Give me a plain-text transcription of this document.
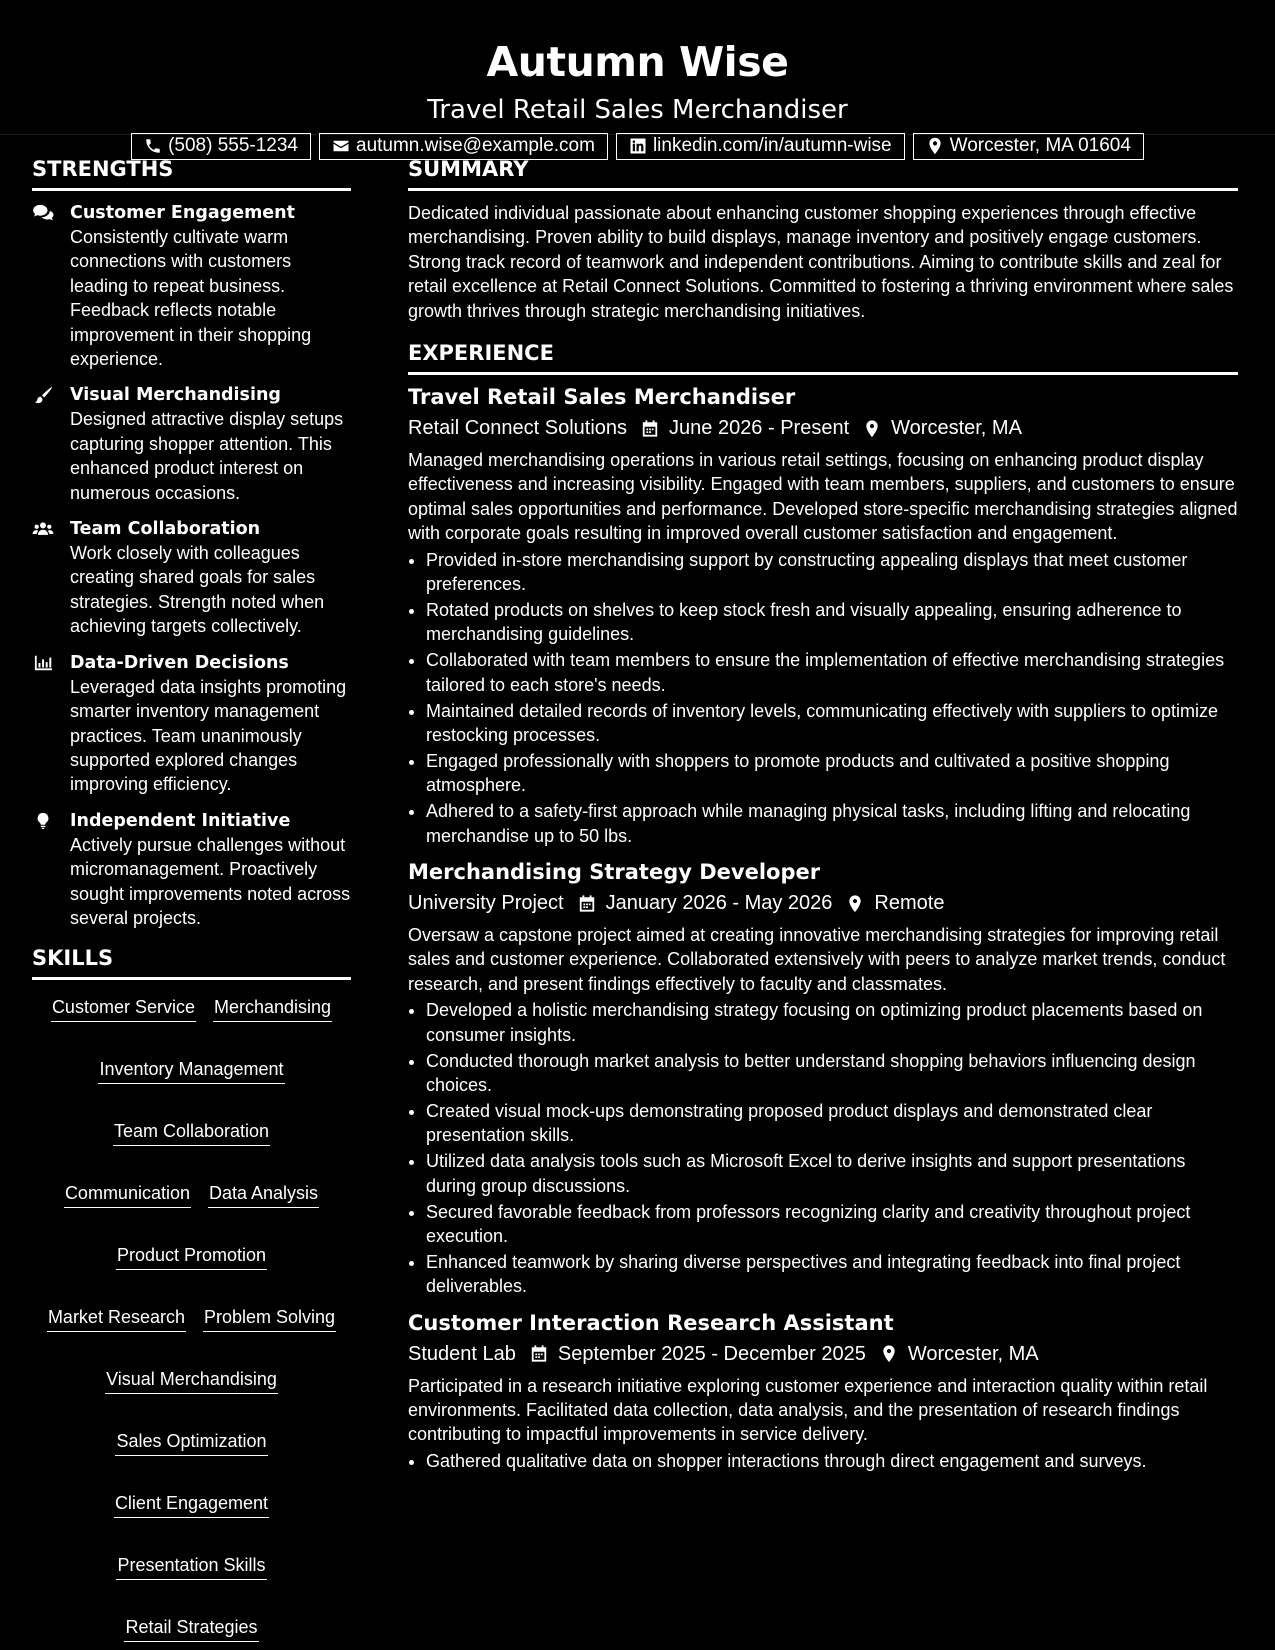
Autumn Wise
Travel Retail Sales Merchandiser
(508) 555-1234	autumn.wise@example.com	linkedin.com/in/autumn-wise	Worcester, MA 01604
STRENGTHS
Customer Engagement
Consistently cultivate warm connections with customers leading to repeat business. Feedback reflects notable improvement in their shopping experience.
Visual Merchandising
Designed attractive display setups capturing shopper attention. This enhanced product interest on numerous occasions.
Team Collaboration
Work closely with colleagues creating shared goals for sales strategies. Strength noted when achieving targets collectively.
Data-Driven Decisions
Leveraged data insights promoting smarter inventory management practices. Team unanimously supported explored changes improving efficiency.
Independent Initiative
Actively pursue challenges without micromanagement. Proactively sought improvements noted across several projects.
SKILLS
Customer Service Merchandising
Inventory Management
Team Collaboration
Communication Data Analysis
Product Promotion
Market Research Problem Solving
Visual Merchandising
Sales Optimization
Client Engagement
Presentation Skills
Retail Strategies
SUMMARY

Dedicated individual passionate about enhancing customer shopping experiences through effective merchandising. Proven ability to build displays, manage inventory and positively engage customers. Strong track record of teamwork and independent contributions. Aiming to contribute skills and zeal for retail excellence at Retail Connect Solutions. Committed to fostering a thriving environment where sales growth thrives through strategic merchandising initiatives.

EXPERIENCE
Travel Retail Sales Merchandiser
Retail Connect Solutions June 2026 - Present Worcester, MA

Managed merchandising operations in various retail settings, focusing on enhancing product display effectiveness and increasing visibility. Engaged with team members, suppliers, and customers to ensure optimal sales opportunities and performance. Developed store-specific merchandising strategies aligned with corporate goals resulting in improved overall customer satisfaction and engagement.

• Provided in-store merchandising support by constructing appealing displays that meet customer preferences.
• Rotated products on shelves to keep stock fresh and visually appealing, ensuring adherence to merchandising guidelines.
• Collaborated with team members to ensure the implementation of effective merchandising strategies tailored to each store's needs.
• Maintained detailed records of inventory levels, communicating effectively with suppliers to optimize restocking processes.
• Engaged professionally with shoppers to promote products and cultivated a positive shopping atmosphere.
• Adhered to a safety-first approach while managing physical tasks, including lifting and relocating merchandise up to 50 lbs.
Merchandising Strategy Developer
University Project January 2026 - May 2026 Remote

Oversaw a capstone project aimed at creating innovative merchandising strategies for improving retail sales and customer experience. Collaborated extensively with peers to analyze market trends, conduct research, and present findings effectively to faculty and classmates.

• Developed a holistic merchandising strategy focusing on optimizing product placements based on consumer insights.
• Conducted thorough market analysis to better understand shopping behaviors influencing design choices.
• Created visual mock-ups demonstrating proposed product displays and demonstrated clear presentation skills.
• Utilized data analysis tools such as Microsoft Excel to derive insights and support presentations during group discussions.
• Secured favorable feedback from professors recognizing clarity and creativity throughout project execution.
• Enhanced teamwork by sharing diverse perspectives and integrating feedback into final project deliverables.
Customer Interaction Research Assistant
Student Lab September 2025 - December 2025 Worcester, MA

Participated in a research initiative exploring customer experience and interaction quality within retail environments. Facilitated data collection, data analysis, and the presentation of research findings contributing to impactful improvements in service delivery.

• Gathered qualitative data on shopper interactions through direct engagement and surveys.
